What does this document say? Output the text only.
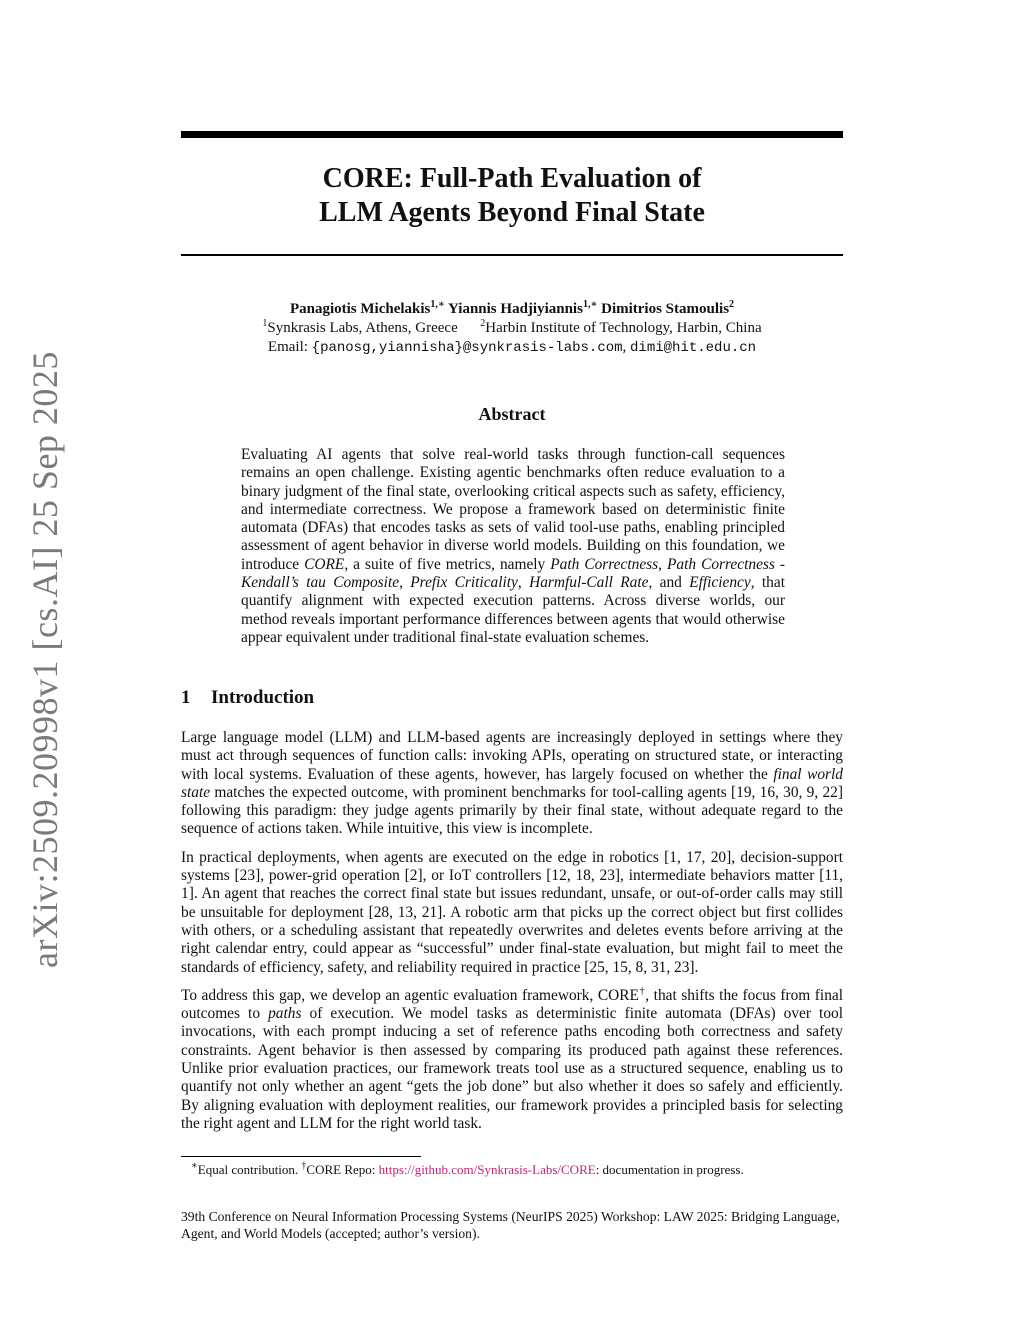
arXiv:2509.20998v1 [cs.AI] 25 Sep 2025
CORE: Full-Path Evaluation of
LLM Agents Beyond Final State
Panagiotis Michelakis$^{1,∗}$ Yiannis Hadjiyiannis$^{1,∗}$ Dimitrios Stamoulis$^2$
$^1$Synkrasis Labs, Athens, Greece $^2$Harbin Institute of Technology, Harbin, China
Email: {panosg,yiannisha}@synkrasis-labs.com, dimi@hit.edu.cn
Abstract
Evaluating AI agents that solve real-world tasks through function-call sequences remains an open challenge. Existing agentic benchmarks often reduce evaluation to a binary judgment of the final state, overlooking critical aspects such as safety, efficiency, and intermediate correctness. We propose a framework based on deterministic finite automata (DFAs) that encodes tasks as sets of valid tool-use paths, enabling principled assessment of agent behavior in diverse world models. Building on this foundation, we introduce CORE, a suite of five metrics, namely Path Correctness, Path Correctness - Kendall’s tau Composite, Prefix Criticality, Harmful-Call Rate, and Efficiency, that quantify alignment with expected execution patterns. Across diverse worlds, our method reveals important performance differences between agents that would otherwise appear equivalent under traditional final-state evaluation schemes.
1 Introduction

Large language model (LLM) and LLM-based agents are increasingly deployed in settings where they must act through sequences of function calls: invoking APIs, operating on structured state, or interacting with local systems. Evaluation of these agents, however, has largely focused on whether the final world state matches the expected outcome, with prominent benchmarks for tool-calling agents [19, 16, 30, 9, 22] following this paradigm: they judge agents primarily by their final state, without adequate regard to the sequence of actions taken. While intuitive, this view is incomplete.

In practical deployments, when agents are executed on the edge in robotics [1, 17, 20], decision-support systems [23], power-grid operation [2], or IoT controllers [12, 18, 23], intermediate behaviors matter [11, 1]. An agent that reaches the correct final state but issues redundant, unsafe, or out-of-order calls may still be unsuitable for deployment [28, 13, 21]. A robotic arm that picks up the correct object but first collides with others, or a scheduling assistant that repeatedly overwrites and deletes events before arriving at the right calendar entry, could appear as “successful” under final-state evaluation, but might fail to meet the standards of efficiency, safety, and reliability required in practice [25, 15, 8, 31, 23].

To address this gap, we develop an agentic evaluation framework, CORE†, that shifts the focus from final outcomes to paths of execution. We model tasks as deterministic finite automata (DFAs) over tool invocations, with each prompt inducing a set of reference paths encoding both correctness and safety constraints. Agent behavior is then assessed by comparing its produced path against these references. Unlike prior evaluation practices, our framework treats tool use as a structured sequence, enabling us to quantify not only whether an agent “gets the job done” but also whether it does so safely and efficiently. By aligning evaluation with deployment realities, our framework provides a principled basis for selecting the right agent and LLM for the right world task.

∗Equal contribution. †CORE Repo: https://github.com/Synkrasis-Labs/CORE: documentation in progress.
39th Conference on Neural Information Processing Systems (NeurIPS 2025) Workshop: LAW 2025: Bridging Language, Agent, and World Models (accepted; author’s version).
